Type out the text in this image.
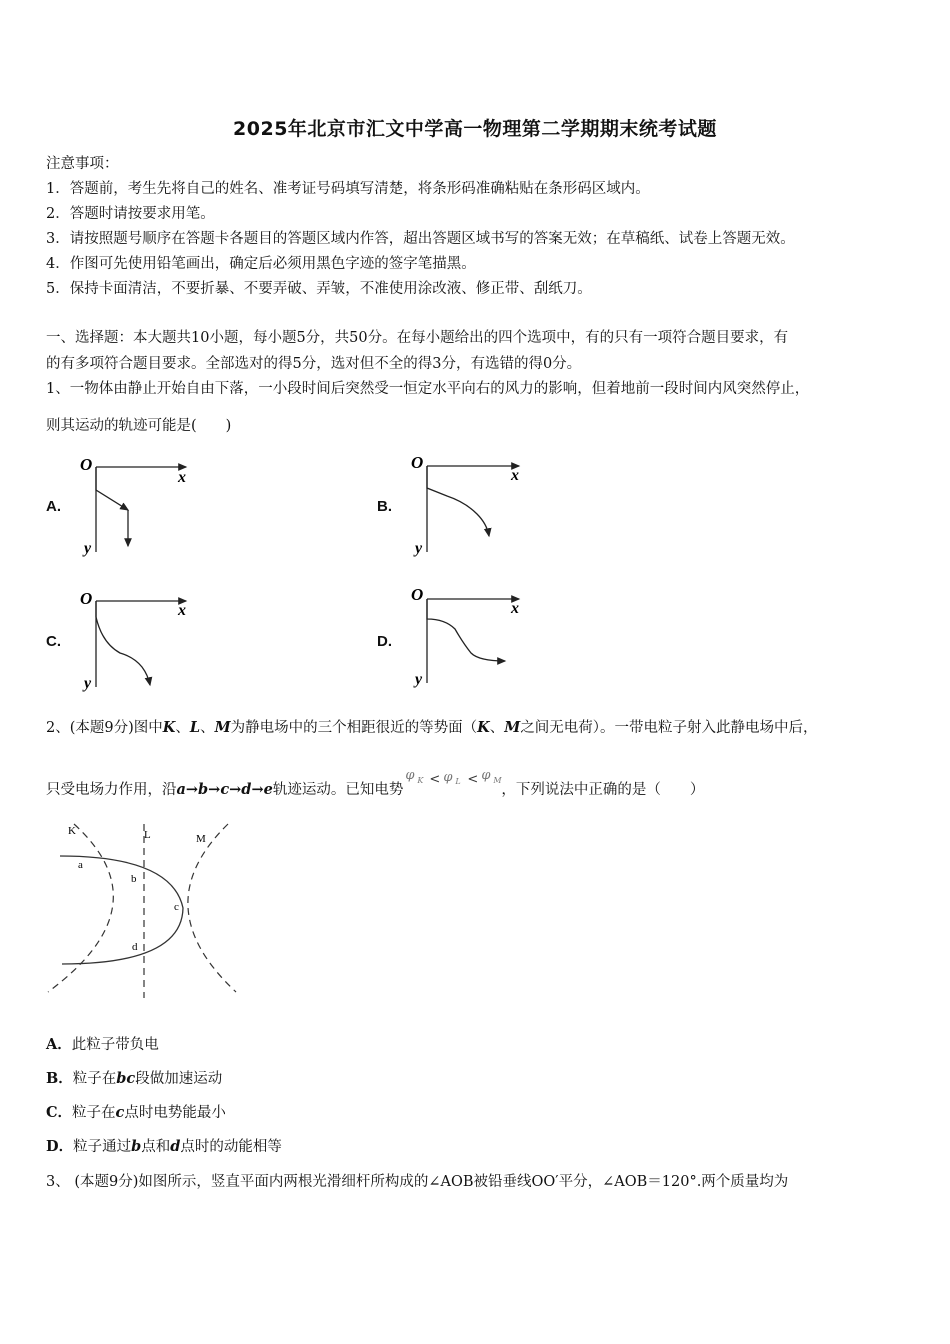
2025年北京市汇文中学高一物理第二学期期末统考试题
注意事项：
1．答题前，考生先将自己的姓名、准考证号码填写清楚，将条形码准确粘贴在条形码区域内。
2．答题时请按要求用笔。
3．请按照题号顺序在答题卡各题目的答题区域内作答，超出答题区域书写的答案无效；在草稿纸、试卷上答题无效。
4．作图可先使用铅笔画出，确定后必须用黑色字迹的签字笔描黑。
5．保持卡面清洁，不要折暴、不要弄破、弄皱，不准使用涂改液、修正带、刮纸刀。
一、选择题：本大题共10小题，每小题5分，共50分。在每小题给出的四个选项中，有的只有一项符合题目要求，有
的有多项符合题目要求。全部选对的得5分，选对但不全的得3分，有选错的得0分。
1、一物体由静止开始自由下落，一小段时间后突然受一恒定水平向右的风力的影响，但着地前一段时间内风突然停止，
则其运动的轨迹可能是(　　)
A.	B.
C.	D.
O
x
y
O
x
y
O
x
y
O
x
y
2、(本题9分)图中K、L、M为静电场中的三个相距很近的等势面（K、M之间无电荷）。一带电粒子射入此静电场中后，
只受电场力作用，沿a→b→c→d→e轨迹运动。已知电势
φ K < φ L < φ M
，下列说法中正确的是（　　）
K	L	M
a
b
c
d
A．此粒子带负电
B．粒子在bc段做加速运动
C．粒子在c点时电势能最小
D．粒子通过b点和d点时的动能相等
3、 (本题9分)如图所示，竖直平面内两根光滑细杆所构成的∠AOB被铅垂线OO′平分，∠AOB＝120°.两个质量均为
